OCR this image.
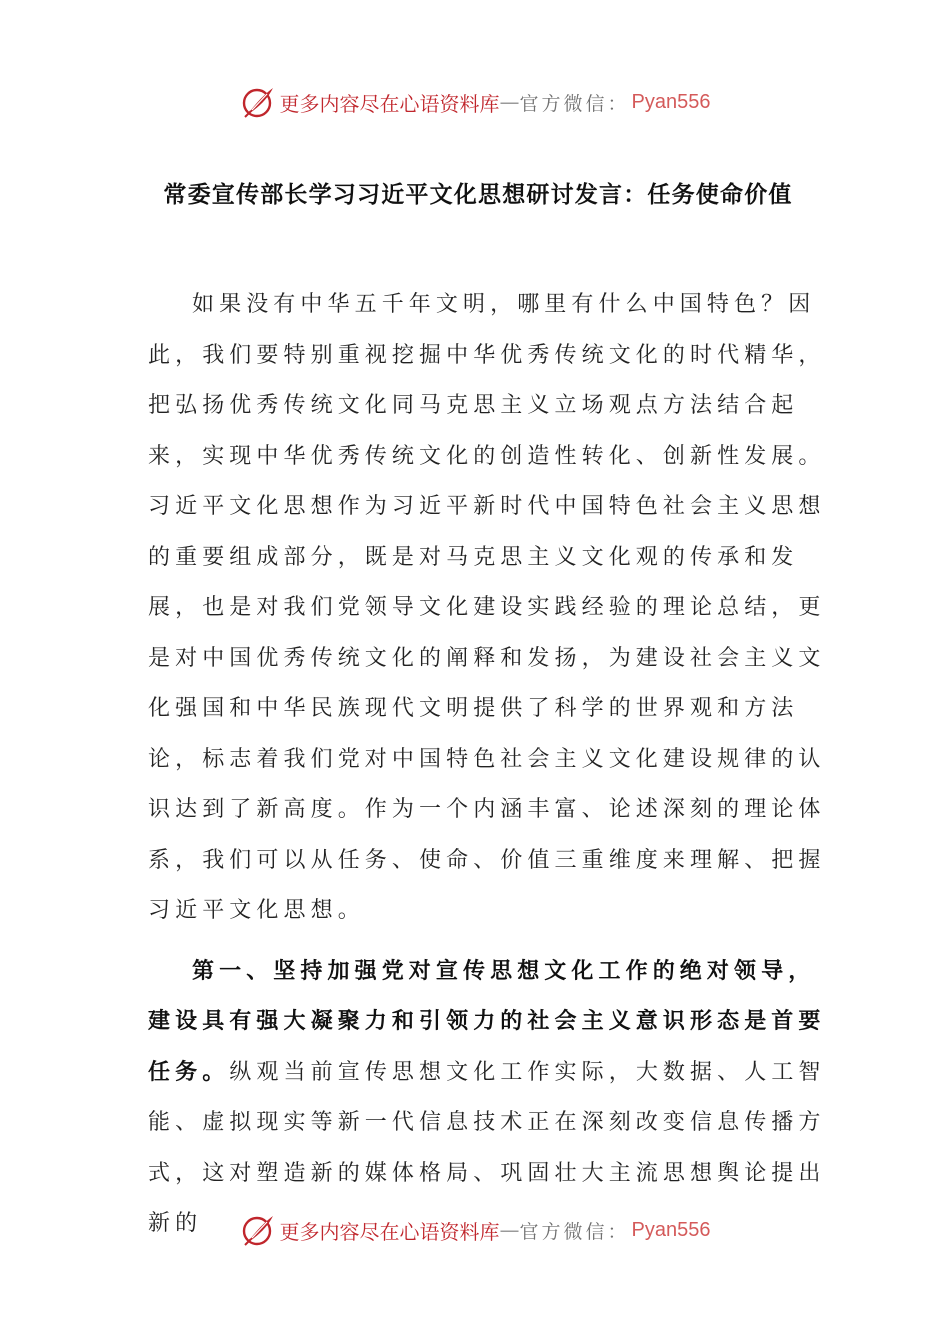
更多内容尽在心语资料库 — 官方微信： Pyan556
常委宣传部长学习习近平文化思想研讨发言：任务使命价值

如果没有中华五千年文明，哪里有什么中国特色？因此，我们要特别重视挖掘中华优秀传统文化的时代精华，把弘扬优秀传统文化同马克思主义立场观点方法结合起来，实现中华优秀传统文化的创造性转化、创新性发展。习近平文化思想作为习近平新时代中国特色社会主义思想的重要组成部分，既是对马克思主义文化观的传承和发展，也是对我们党领导文化建设实践经验的理论总结，更是对中国优秀传统文化的阐释和发扬，为建设社会主义文化强国和中华民族现代文明提供了科学的世界观和方法论，标志着我们党对中国特色社会主义文化建设规律的认识达到了新高度。作为一个内涵丰富、论述深刻的理论体系，我们可以从任务、使命、价值三重维度来理解、把握习近平文化思想。

第一、坚持加强党对宣传思想文化工作的绝对领导，建设具有强大凝聚力和引领力的社会主义意识形态是首要任务。纵观当前宣传思想文化工作实际，大数据、人工智能、虚拟现实等新一代信息技术正在深刻改变信息传播方式，这对塑造新的媒体格局、巩固壮大主流思想舆论提出新的	更多内容尽在心语资料库 — 官方微信： Pyan556
